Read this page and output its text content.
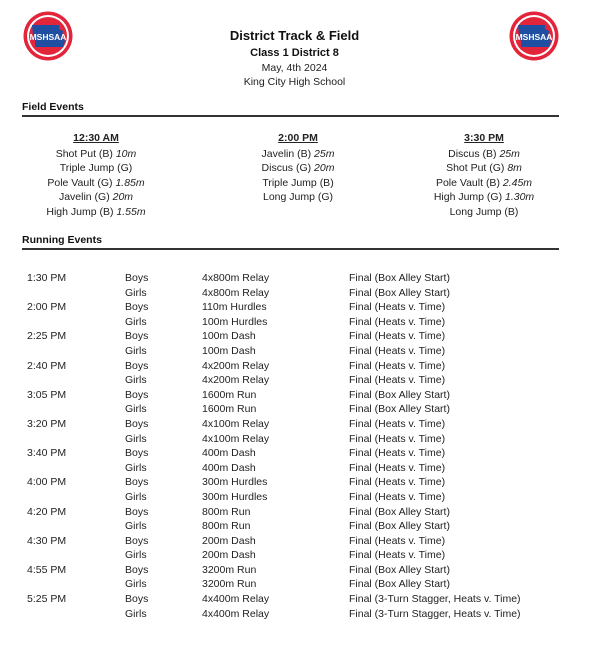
MSHSAA	MSHSAA
District Track & Field
Class 1 District 8
May, 4th 2024
King City High School
Field Events
12:30 AM
Shot Put (B) 10m
Triple Jump (G)
Pole Vault (G) 1.85m
Javelin (G) 20m
High Jump (B) 1.55m
2:00 PM
Javelin (B) 25m
Discus (G) 20m
Triple Jump (B)
Long Jump (G)
3:30 PM
Discus (B) 25m
Shot Put (G) 8m
Pole Vault (B) 2.45m
High Jump (G) 1.30m
Long Jump (B)
Running Events
1:30 PM	Boys	4x800m Relay	Final (Box Alley Start)
	Girls	4x800m Relay	Final (Box Alley Start)
2:00 PM	Boys	110m Hurdles	Final (Heats v. Time)
	Girls	100m Hurdles	Final (Heats v. Time)
2:25 PM	Boys	100m Dash	Final (Heats v. Time)
	Girls	100m Dash	Final (Heats v. Time)
2:40 PM	Boys	4x200m Relay	Final (Heats v. Time)
	Girls	4x200m Relay	Final (Heats v. Time)
3:05 PM	Boys	1600m Run	Final (Box Alley Start)
	Girls	1600m Run	Final (Box Alley Start)
3:20 PM	Boys	4x100m Relay	Final (Heats v. Time)
	Girls	4x100m Relay	Final (Heats v. Time)
3:40 PM	Boys	400m Dash	Final (Heats v. Time)
	Girls	400m Dash	Final (Heats v. Time)
4:00 PM	Boys	300m Hurdles	Final (Heats v. Time)
	Girls	300m Hurdles	Final (Heats v. Time)
4:20 PM	Boys	800m Run	Final (Box Alley Start)
	Girls	800m Run	Final (Box Alley Start)
4:30 PM	Boys	200m Dash	Final (Heats v. Time)
	Girls	200m Dash	Final (Heats v. Time)
4:55 PM	Boys	3200m Run	Final (Box Alley Start)
	Girls	3200m Run	Final (Box Alley Start)
5:25 PM	Boys	4x400m Relay	Final (3-Turn Stagger, Heats v. Time)
	Girls	4x400m Relay	Final (3-Turn Stagger, Heats v. Time)
